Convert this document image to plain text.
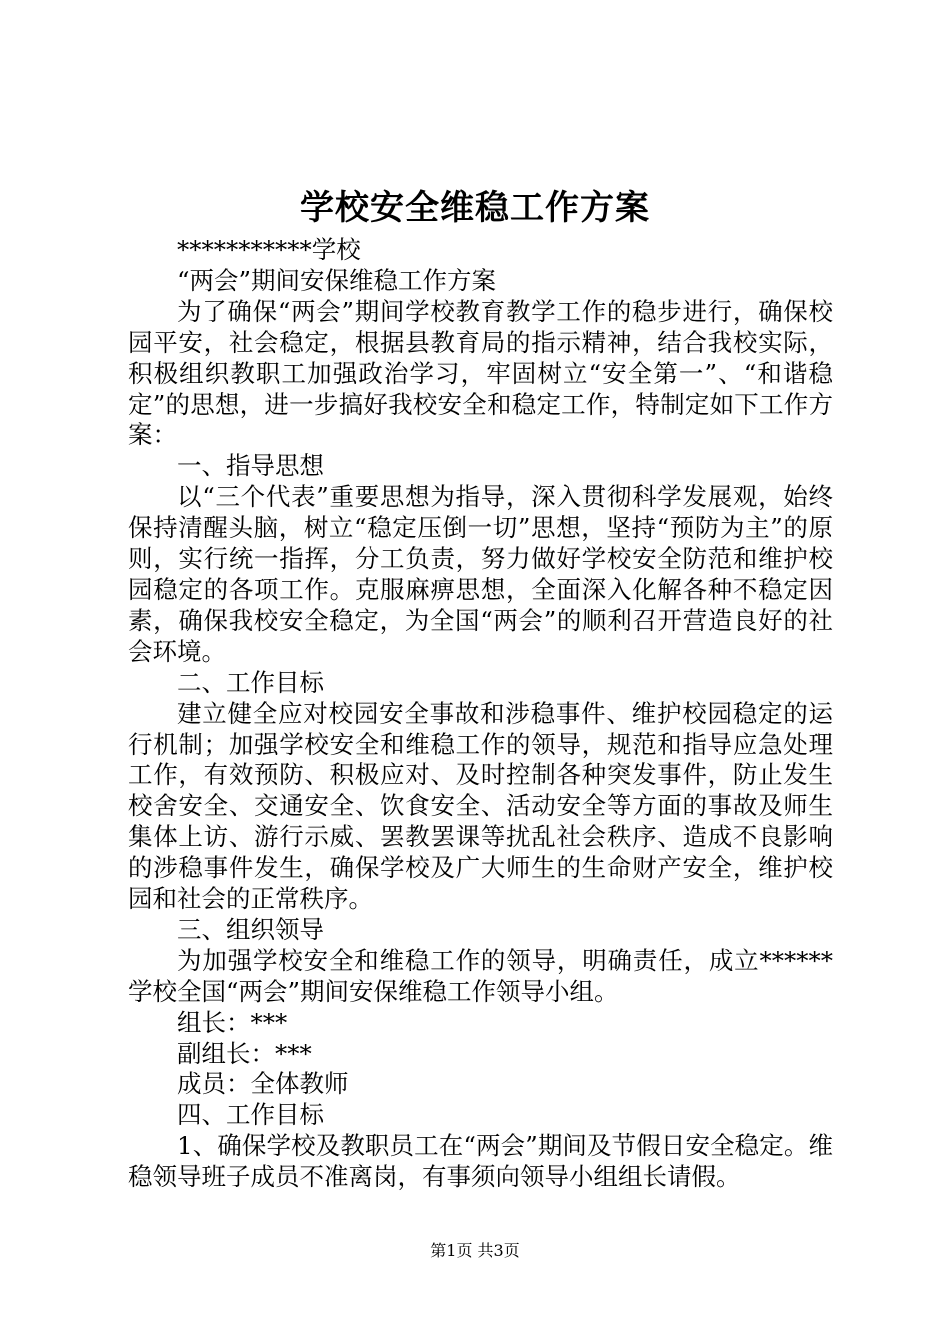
学校安全维稳工作方案

***********学校

“两会”期间安保维稳工作方案

为了确保“两会”期间学校教育教学工作的稳步进行，确保校园平安，社会稳定，根据县教育局的指示精神，结合我校实际，积极组织教职工加强政治学习，牢固树立“安全第一”、“和谐稳定”的思想，进一步搞好我校安全和稳定工作，特制定如下工作方案：

一、指导思想

以“三个代表”重要思想为指导，深入贯彻科学发展观，始终保持清醒头脑，树立“稳定压倒一切”思想，坚持“预防为主”的原则，实行统一指挥，分工负责，努力做好学校安全防范和维护校园稳定的各项工作。克服麻痹思想，全面深入化解各种不稳定因素，确保我校安全稳定，为全国“两会”的顺利召开营造良好的社会环境。

二、工作目标

建立健全应对校园安全事故和涉稳事件、维护校园稳定的运行机制；加强学校安全和维稳工作的领导，规范和指导应急处理工作，有效预防、积极应对、及时控制各种突发事件，防止发生校舍安全、交通安全、饮食安全、活动安全等方面的事故及师生集体上访、游行示威、罢教罢课等扰乱社会秩序、造成不良影响的涉稳事件发生，确保学校及广大师生的生命财产安全，维护校园和社会的正常秩序。

三、组织领导

为加强学校安全和维稳工作的领导，明确责任，成立******学校全国“两会”期间安保维稳工作领导小组。

组长：***

副组长：***

成员：全体教师

四、工作目标

1、确保学校及教职员工在“两会”期间及节假日安全稳定。维稳领导班子成员不准离岗，有事须向领导小组组长请假。

第1页 共3页
